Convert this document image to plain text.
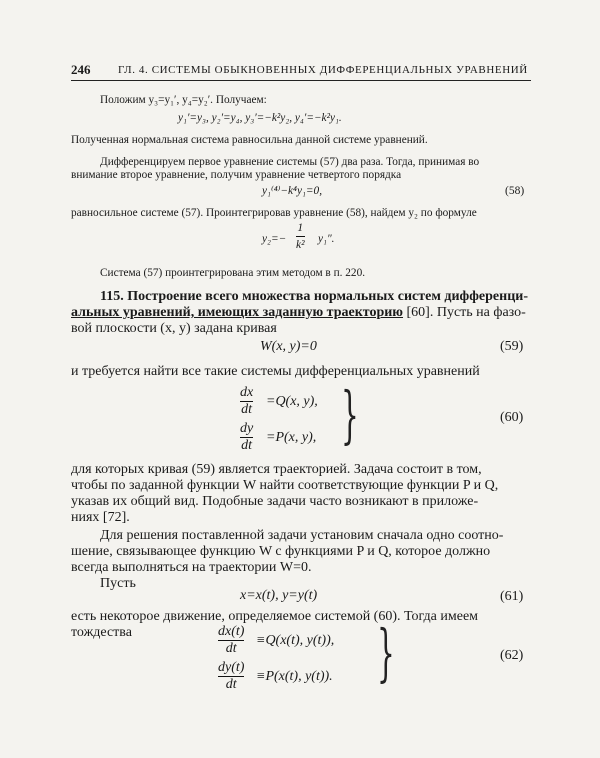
246	ГЛ. 4. СИСТЕМЫ ОБЫКНОВЕННЫХ ДИФФЕРЕНЦИАЛЬНЫХ УРАВНЕНИЙ
Положим y₃=y₁′, y₄=y₂′. Получаем:
y₁′=y₃, y₂′=y₄, y₃′=−k²y₂, y₄′=−k²y₁.
Полученная нормальная система равносильна данной системе уравнений.
Дифференцируем первое уравнение системы (57) два раза. Тогда, принимая во
внимание второе уравнение, получим уравнение четвертого порядка
y₁⁽⁴⁾−k⁴y₁=0,	(58)
равносильное системе (57). Проинтегрировав уравнение (58), найдем y₂ по формуле
$y_2=- \frac{1}{\text{k²}} y_1''$.
Система (57) проинтегрирована этим методом в п. 220.
115. Построение всего множества нормальных систем дифференци-
альных уравнений, имеющих заданную траекторию [60]. Пусть на фазо-
вой плоскости (x, y) задана кривая
W(x, y)=0	(59)
и требуется найти все такие системы дифференциальных уравнений
$\frac{dx}{dt} =Q(x$, y),
$\frac{dy}{dt} =P(x$, y), }	(60)
для которых кривая (59) является траекторией. Задача состоит в том,
чтобы по заданной функции W найти соответствующие функции P и Q,
указав их общий вид. Подобные задачи часто возникают в приложе-
ниях [72].
Для решения поставленной задачи установим сначала одно соотно-
шение, связывающее функцию W с функциями P и Q, которое должно
всегда выполняться на траектории W=0.
Пусть
x=x(t), y=y(t)	(61)
есть некоторое движение, определяемое системой (60). Тогда имеем
тождества	$\frac{dx(t)}{dt} \equiv Q(x(t)$, y(t)),
$\frac{dy(t)}{dt} \equiv P(x(t)$, y(t)). }	(62)
